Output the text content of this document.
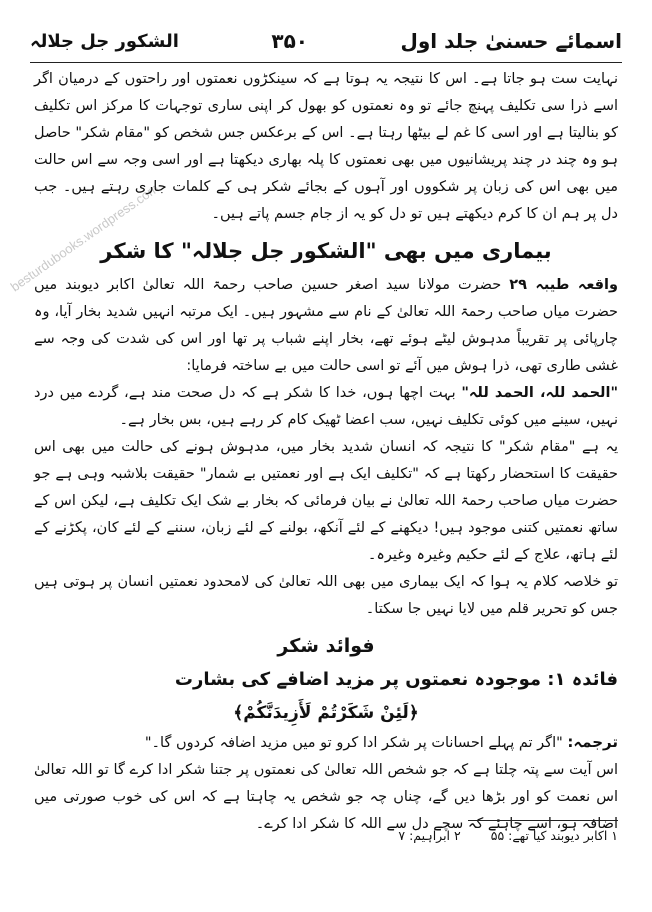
اسمائے حسنیٰ جلد اول
۳۵۰
الشکور جل جلالہ
besturdubooks.wordpress.com

نہایت ست ہو جاتا ہے۔ اس کا نتیجہ یہ ہوتا ہے کہ سینکڑوں نعمتوں اور راحتوں کے درمیان اگر اسے ذرا سی تکلیف پہنچ جائے تو وہ نعمتوں کو بھول کر اپنی ساری توجہات کا مرکز اس تکلیف کو بنالیتا ہے اور اسی کا غم لے بیٹھا رہتا ہے۔ اس کے برعکس جس شخص کو "مقام شکر" حاصل ہو وہ چند در چند پریشانیوں میں بھی نعمتوں کا پلہ بھاری دیکھتا ہے اور اسی وجہ سے اس حالت میں بھی اس کی زبان پر شکووں اور آہوں کے بجائے شکر ہی کے کلمات جاری رہتے ہیں۔ جب دل پر ہم ان کا کرم دیکھتے ہیں تو دل کو یہ از جام جسم پاتے ہیں۔

بیماری میں بھی "الشکور جل جلالہ" کا شکر

واقعہ طیبہ ۲۹ حضرت مولانا سید اصغر حسین صاحب رحمۃ اللہ تعالیٰ اکابر دیوبند میں حضرت میاں صاحب رحمۃ اللہ تعالیٰ کے نام سے مشہور ہیں۔ ایک مرتبہ انہیں شدید بخار آیا، وہ چارپائی پر تقریباً مدہوش لیٹے ہوئے تھے، بخار اپنے شباب پر تھا اور اس کی شدت کی وجہ سے غشی طاری تھی، ذرا ہوش میں آئے تو اسی حالت میں بے ساختہ فرمایا:

"الحمد للہ، الحمد للہ" بہت اچھا ہوں، خدا کا شکر ہے کہ دل صحت مند ہے، گردے میں درد نہیں، سینے میں کوئی تکلیف نہیں، سب اعضا ٹھیک کام کر رہے ہیں، بس بخار ہے۔

یہ ہے "مقام شکر" کا نتیجہ کہ انسان شدید بخار میں، مدہوش ہونے کی حالت میں بھی اس حقیقت کا استحضار رکھتا ہے کہ "تکلیف ایک ہے اور نعمتیں بے شمار" حقیقت بلاشبہ وہی ہے جو حضرت میاں صاحب رحمۃ اللہ تعالیٰ نے بیان فرمائی کہ بخار بے شک ایک تکلیف ہے، لیکن اس کے ساتھ نعمتیں کتنی موجود ہیں! دیکھنے کے لئے آنکھ، بولنے کے لئے زبان، سننے کے لئے کان، پکڑنے کے لئے ہاتھ، علاج کے لئے حکیم وغیرہ وغیرہ۔

تو خلاصہ کلام یہ ہوا کہ ایک بیماری میں بھی اللہ تعالیٰ کی لامحدود نعمتیں انسان پر ہوتی ہیں جس کو تحریر قلم میں لایا نہیں جا سکتا۔

فوائد شکر

فائدہ ۱: موجودہ نعمتوں پر مزید اضافے کی بشارت

﴿لَئِنْ شَكَرْتُمْ لَأَزِيدَنَّكُمْ﴾

ترجمہ: "اگر تم پہلے احسانات پر شکر ادا کرو تو میں مزید اضافہ کردوں گا۔"

اس آیت سے پتہ چلتا ہے کہ جو شخص اللہ تعالیٰ کی نعمتوں پر جتنا شکر ادا کرے گا تو اللہ تعالیٰ اس نعمت کو اور بڑھا دیں گے، چناں چہ جو شخص یہ چاہتا ہے کہ اس کی خوب صورتی میں اضافہ ہو، اسے چاہئے کہ سچے دل سے اللہ کا شکر ادا کرے۔

۱ اکابر دیوبند کیا تھے: ۵۵
۲ ابراہیم: ۷
